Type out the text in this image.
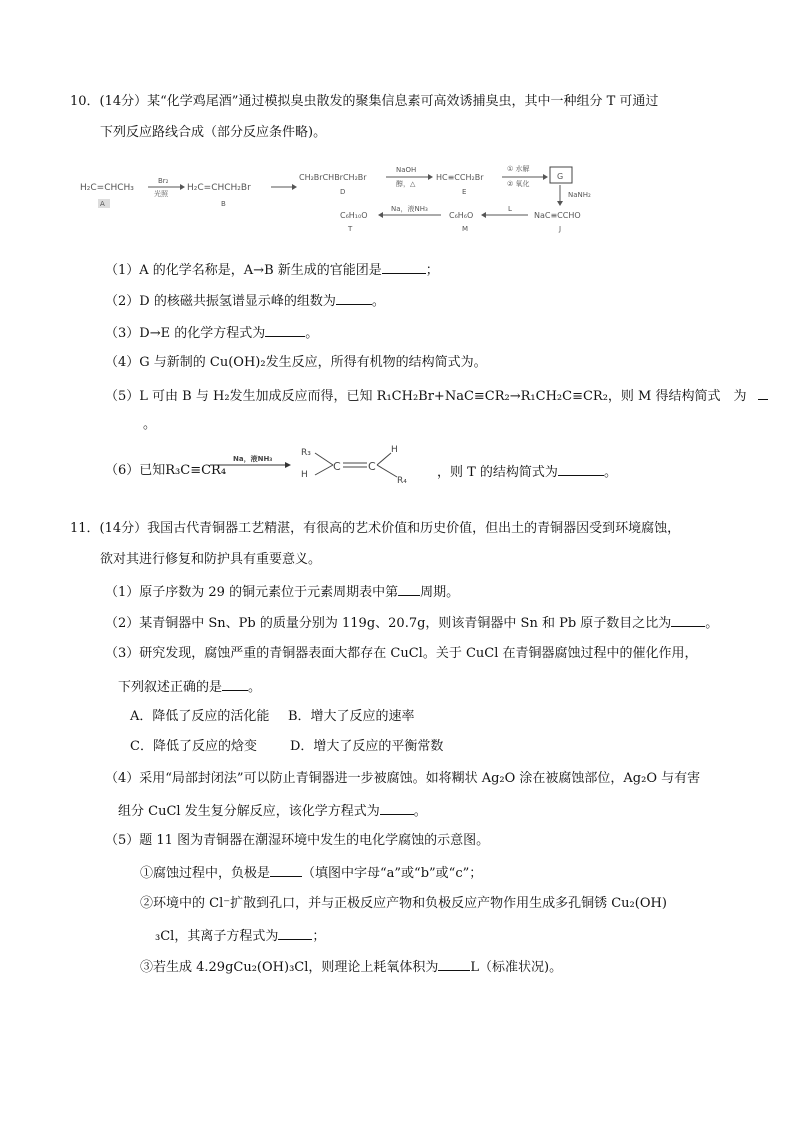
10．(14分）某“化学鸡尾酒”通过模拟臭虫散发的聚集信息素可高效诱捕臭虫，其中一种组分 T 可通过
下列反应路线合成（部分反应条件略)。
H₂C=CHCH₃
A
Br₂
光照
H₂C=CHCH₂Br
B
CH₂BrCHBrCH₂Br
D
NaOH
醇，△
HC≡CCH₂Br
E
① 水解
② 氧化
G
NaNH₂
NaC≡CCHO
J
L
C₆H₆O
M
Na，液NH₃
C₆H₁₀O
T
（1）A 的化学名称是，A→B 新生成的官能团是	；
（2）D 的核磁共振氢谱显示峰的组数为	。
（3）D→E 的化学方程式为	。
（4）G 与新制的 Cu(OH)₂发生反应，所得有机物的结构简式为。
（5）L 可由 B 与 H₂发生加成反应而得，已知 R₁CH₂Br+NaC≡CR₂→R₁CH₂C≡CR₂，则 M 得结构简式　为
。
（6）已知R₃C≡CR₄
Na，液NH₃
R₃
H
C C
H
R₄
，则 T 的结构简式为	。
11．(14分）我国古代青铜器工艺精湛，有很高的艺术价值和历史价值，但出土的青铜器因受到环境腐蚀，
欲对其进行修复和防护具有重要意义。
（1）原子序数为 29 的铜元素位于元素周期表中第 周期。
（2）某青铜器中 Sn、Pb 的质量分别为 119g、20.7g，则该青铜器中 Sn 和 Pb 原子数目之比为	。
（3）研究发现，腐蚀严重的青铜器表面大都存在 CuCl。关于 CuCl 在青铜器腐蚀过程中的催化作用，
下列叙述正确的是 。
A．降低了反应的活化能 B．增大了反应的速率
C．降低了反应的焓变	D．增大了反应的平衡常数
（4）采用“局部封闭法”可以防止青铜器进一步被腐蚀。如将糊状 Ag₂O 涂在被腐蚀部位，Ag₂O 与有害
组分 CuCl 发生复分解反应，该化学方程式为	。
（5）题 11 图为青铜器在潮湿环境中发生的电化学腐蚀的示意图。
①腐蚀过程中，负极是 （填图中字母“a”或“b”或“c”；
②环境中的 Cl⁻扩散到孔口，并与正极反应产物和负极反应产物作用生成多孔铜锈 Cu₂(OH)
₃Cl，其离子方程式为	；
③若生成 4.29gCu₂(OH)₃Cl，则理论上耗氧体积为 L（标准状况)。
